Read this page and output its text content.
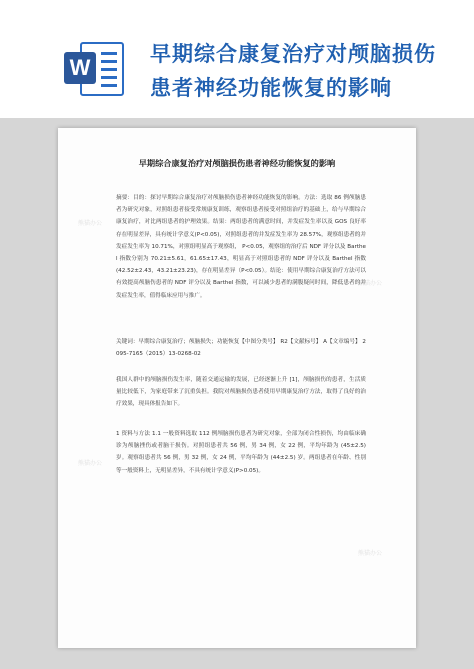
W
早期综合康复治疗对颅脑损伤
患者神经功能恢复的影响
熊猫办公
熊猫办公
熊猫办公
熊猫办公
早期综合康复治疗对颅脑损伤患者神经功能恢复的影响
摘要：目的：探讨早期综合康复治疗对颅脑损伤患者神经功能恢复的影响。方法：选取 86 例颅脑患者为研究对象，对照组患者接受常规康复训练，观察组患者接受对照组治疗的基础上，给与早期综合康复治疗，对比两组患者的护理效果。结果：两组患者的满意时间，并发症发生率以及 GOS 良好率存在明显差异，具有统计学意义(P<0.05)，对照组患者的并发症发生率为 28.57%，观察组患者的并发症发生率为 10.71%，对照组明显高于观察组， P<0.05，观察组的治疗后 NDF 评分以及 Barthel 指数分别为 70.21±5.61，61.65±17.43，明显高于对照组患者的 NDF 评分以及 Barthel 指数 (42.52±2.43，43.21±23.23)，存在明显差异（P<0.05）。结论：使用早期综合康复治疗方法可以有效提高颅脑伤患者的 NDF 评分以及 Barthel 指数，可以减少患者的满腹疑问时间，降低患者的并发症发生率，值得临床应用与推广。
关键词：早期综合康复治疗；颅脑损失；功能恢复【中图分类号】 R2【文献标号】 A【文章编号】 2095-7165（2015）13-0268-02
我国人群中的颅脑损伤发生率，随着交通运输的发展，已经逐渐上升 [1]，颅脑损伤的患者，生活质量比较低下，为家庭带来了沉重负担。我院对颅脑损伤患者使用早期康复治疗方法，取得了良好的治疗效果，现具体报告如下。
1 资料与方法 1.1 一般资料选取 112 例颅脑损伤患者为研究对象，全部为闭合性损伤，均由临床确诊为颅脑挫伤或者脑干损伤。对照组患者共 56 例，男 34 例，女 22 例，平均年龄为 (45±2.5) 岁。观察组患者共 56 例，男 32 例，女 24 例，平均年龄为 (44±2.5) 岁。两组患者在年龄、性别等一般资料上，无明显差异，不具有统计学意义(P>0.05)。
